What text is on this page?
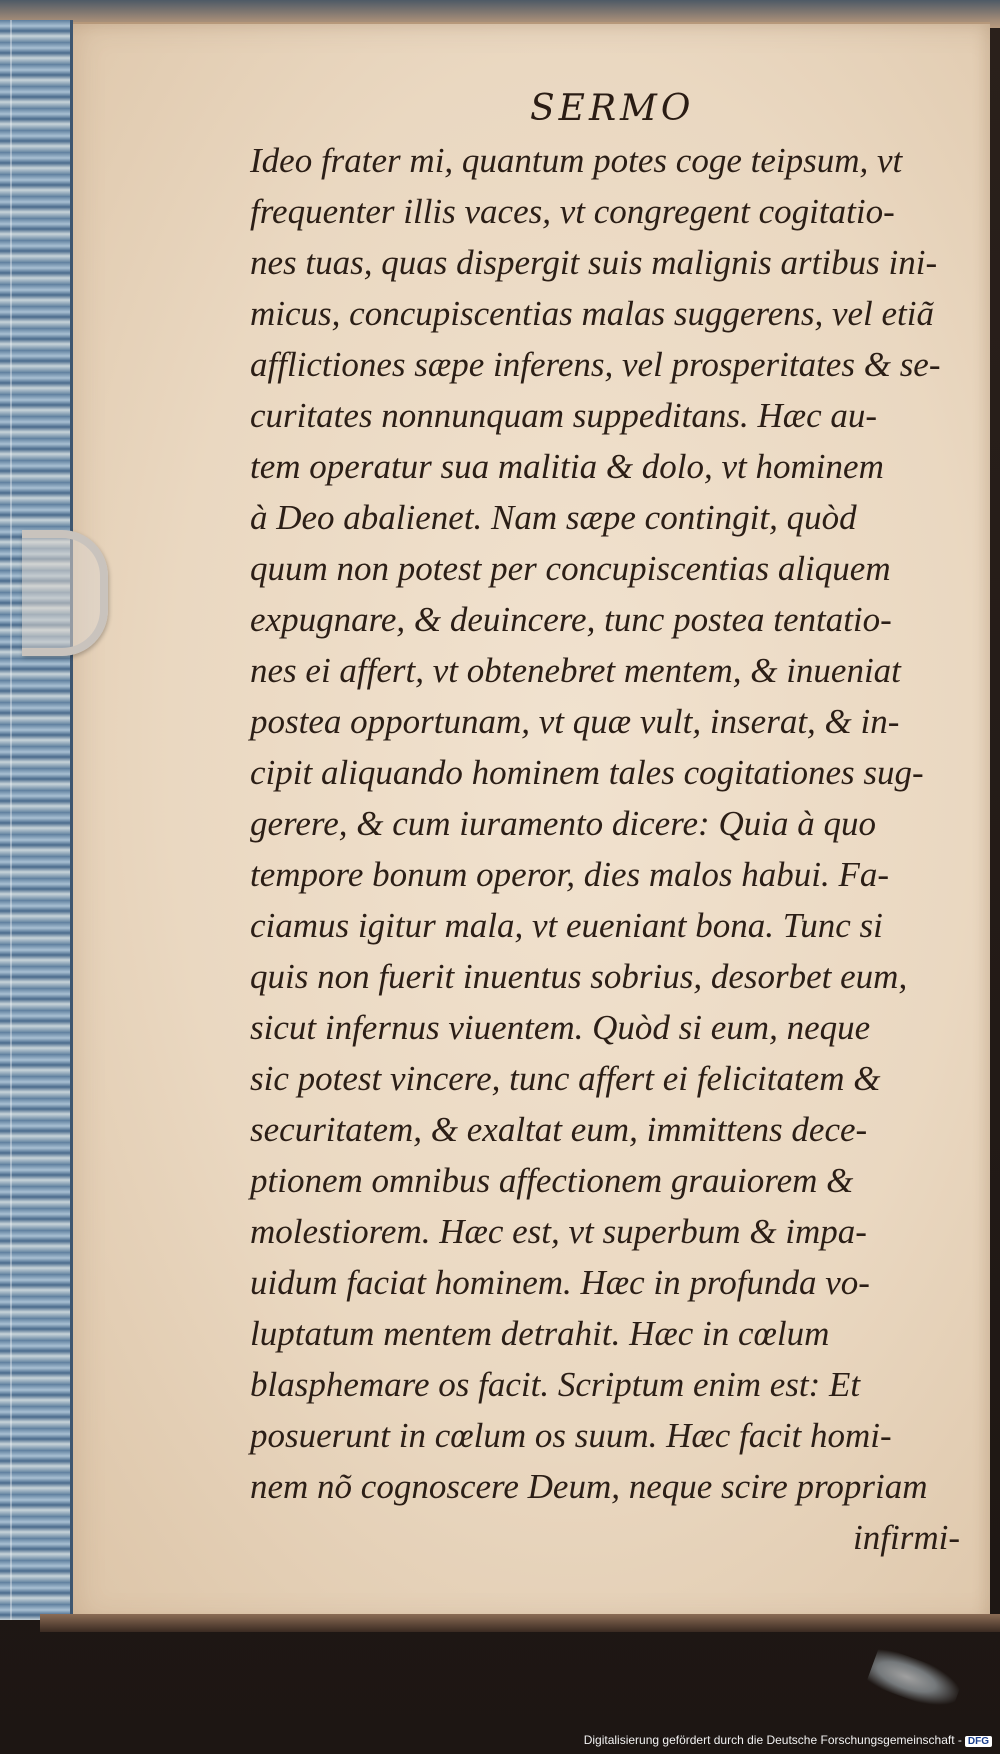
SERMO
Ideo frater mi, quantum potes coge teipsum, vt
frequenter illis vaces, vt congregent cogitatio-
nes tuas, quas dispergit suis malignis artibus ini-
micus, concupiscentias malas suggerens, vel etiã
afflictiones sæpe inferens, vel prosperitates & se-
curitates nonnunquam suppeditans. Hæc au-
tem operatur sua malitia & dolo, vt hominem
à Deo abalienet. Nam sæpe contingit, quòd
quum non potest per concupiscentias aliquem
expugnare, & deuincere, tunc postea tentatio-
nes ei affert, vt obtenebret mentem, & inueniat
postea opportunam, vt quæ vult, inserat, & in-
cipit aliquando hominem tales cogitationes sug-
gerere, & cum iuramento dicere: Quia à quo
tempore bonum operor, dies malos habui. Fa-
ciamus igitur mala, vt eueniant bona. Tunc si
quis non fuerit inuentus sobrius, desorbet eum,
sicut infernus viuentem. Quòd si eum, neque
sic potest vincere, tunc affert ei felicitatem &
securitatem, & exaltat eum, immittens dece-
ptionem omnibus affectionem grauiorem &
molestiorem. Hæc est, vt superbum & impa-
uidum faciat hominem. Hæc in profunda vo-
luptatum mentem detrahit. Hæc in cœlum
blasphemare os facit. Scriptum enim est: Et
posuerunt in cœlum os suum. Hæc facit homi-
nem nõ cognoscere Deum, neque scire propriam
infirmi-
Digitalisierung gefördert durch die Deutsche Forschungsgemeinschaft - DFG
